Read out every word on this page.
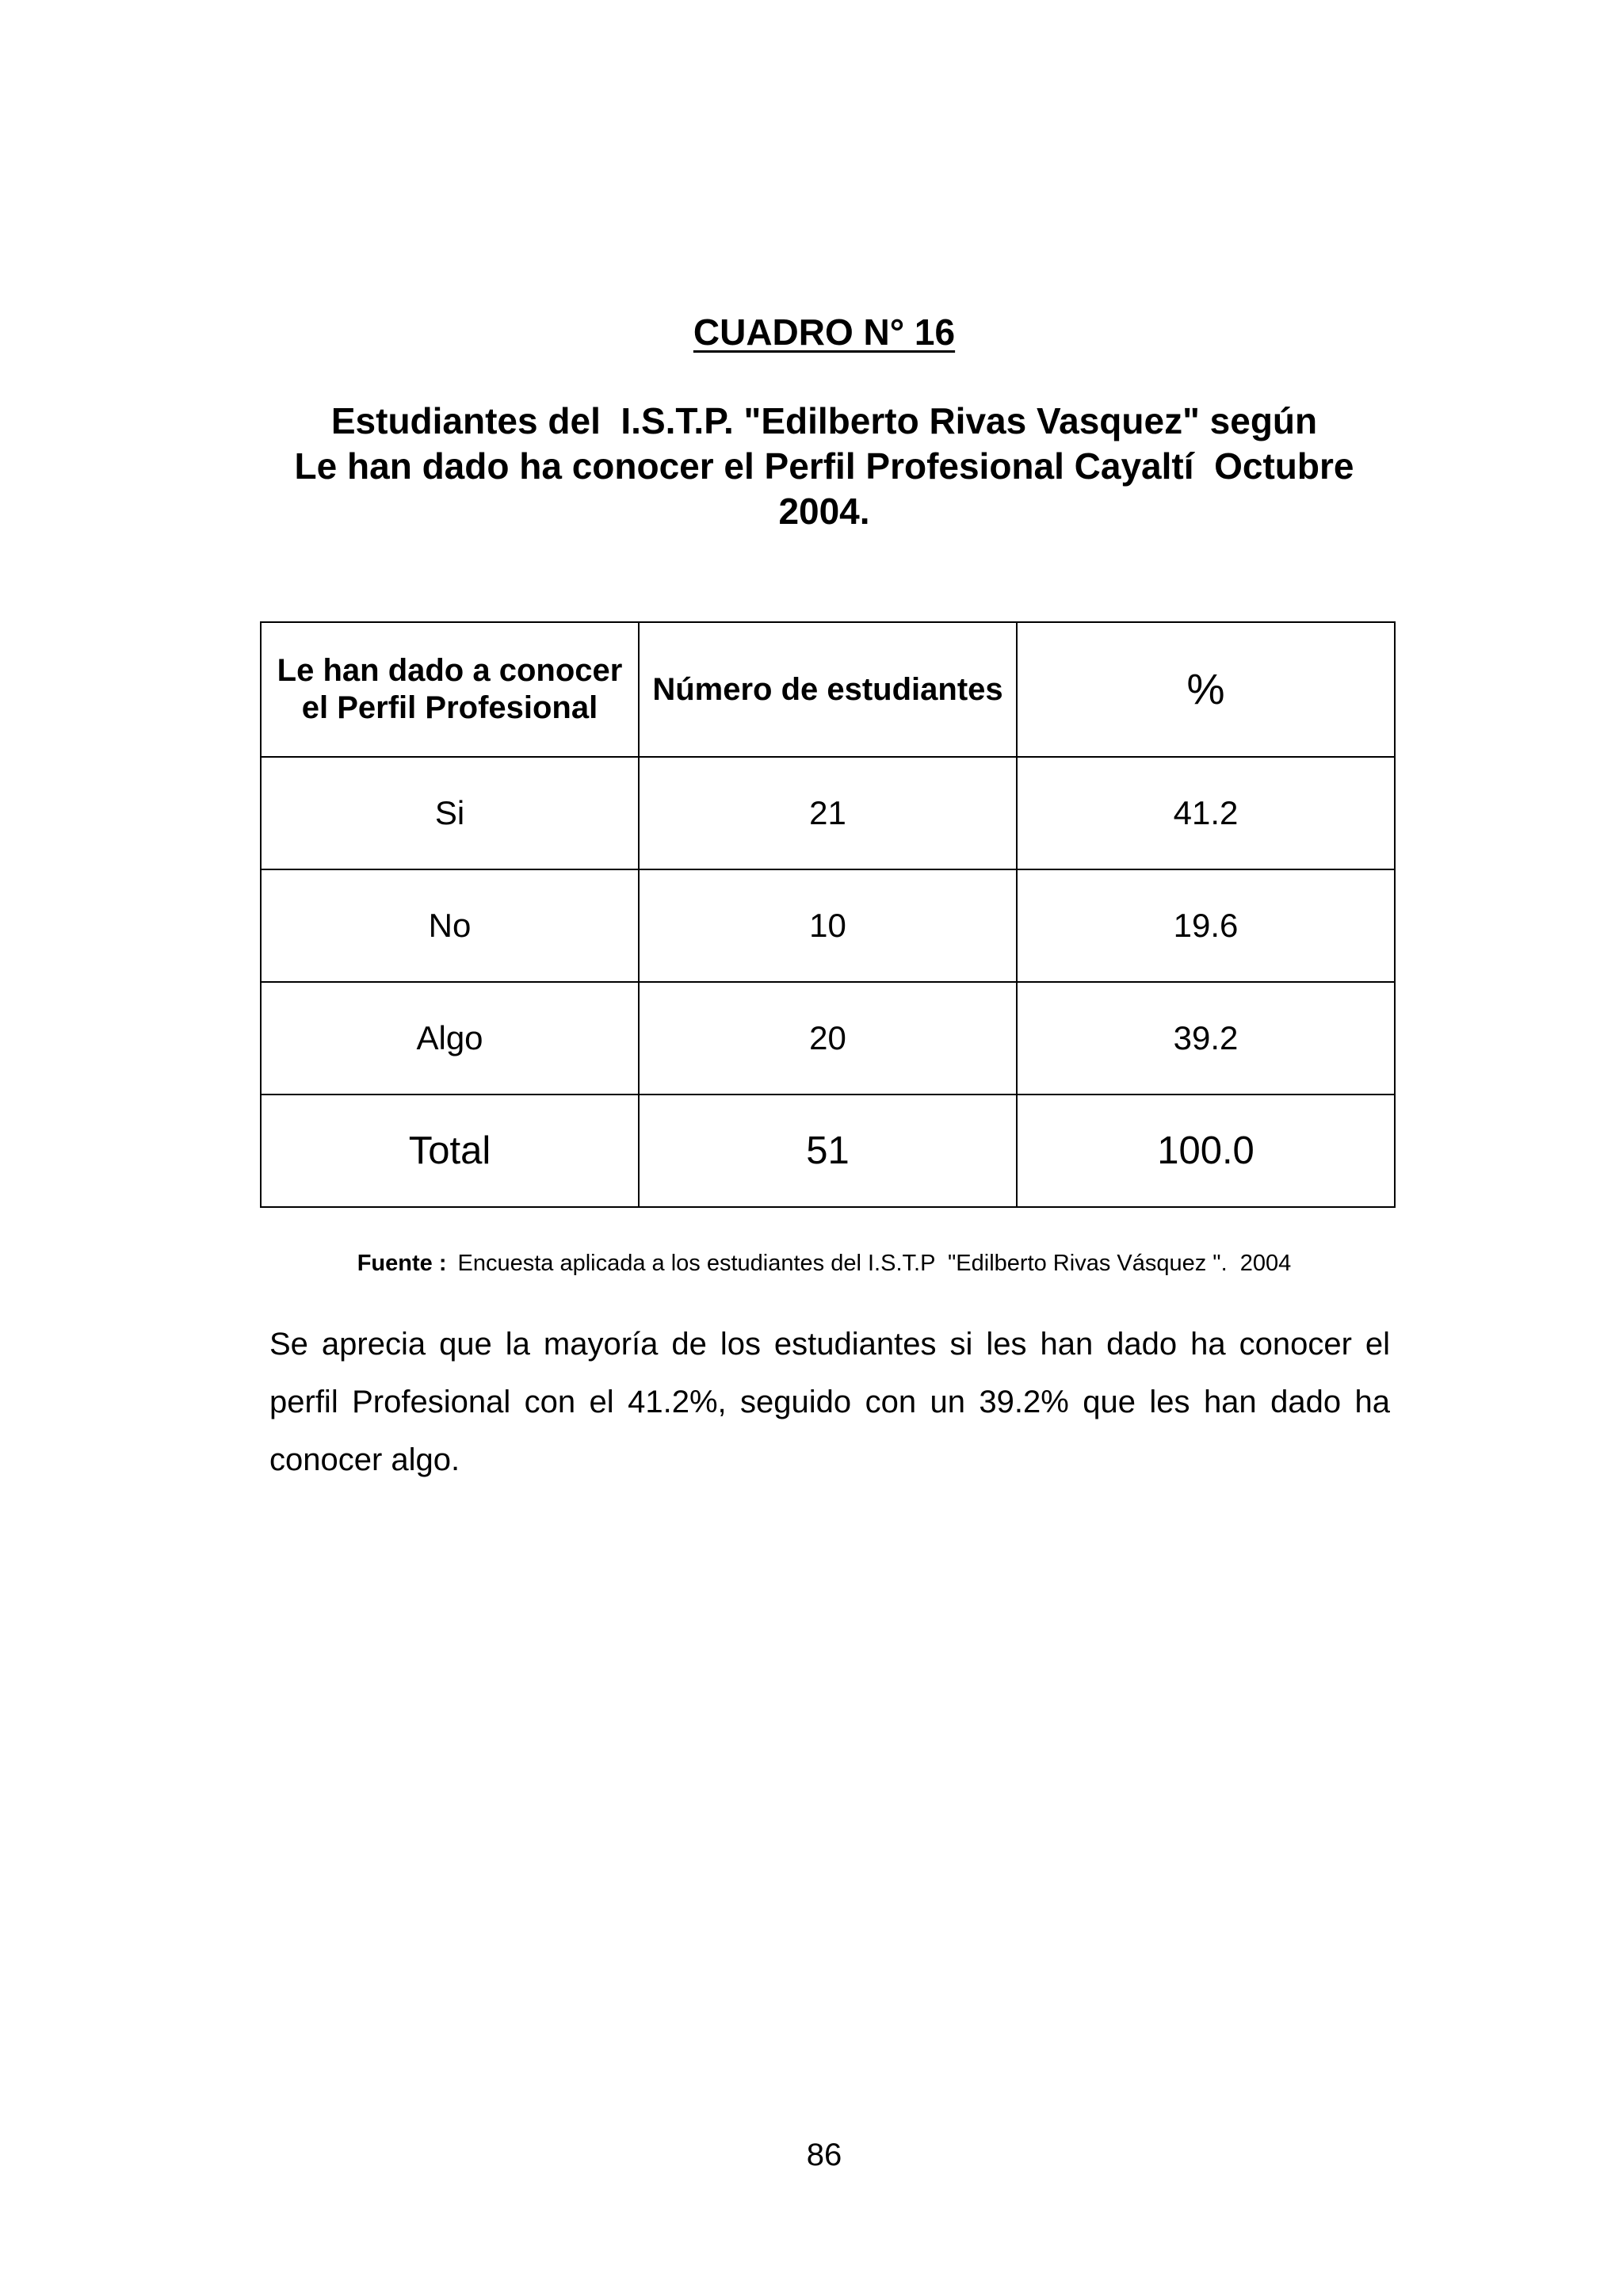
CUADRO N° 16
Estudiantes del  I.S.T.P. "Edilberto Rivas Vasquez" según
Le han dado ha conocer el Perfil Profesional Cayaltí  Octubre
2004.
Le han dado a conocer el Perfil Profesional	Número de estudiantes	%
Si	21	41.2
No	10	19.6
Algo	20	39.2
Total	51	100.0
Fuente : Encuesta aplicada a los estudiantes del I.S.T.P  "Edilberto Rivas Vásquez ".  2004

Se aprecia que la mayoría de los estudiantes si les han dado ha conocer el perfil Profesional con el 41.2%, seguido con un 39.2% que les han dado ha conocer algo.

86
